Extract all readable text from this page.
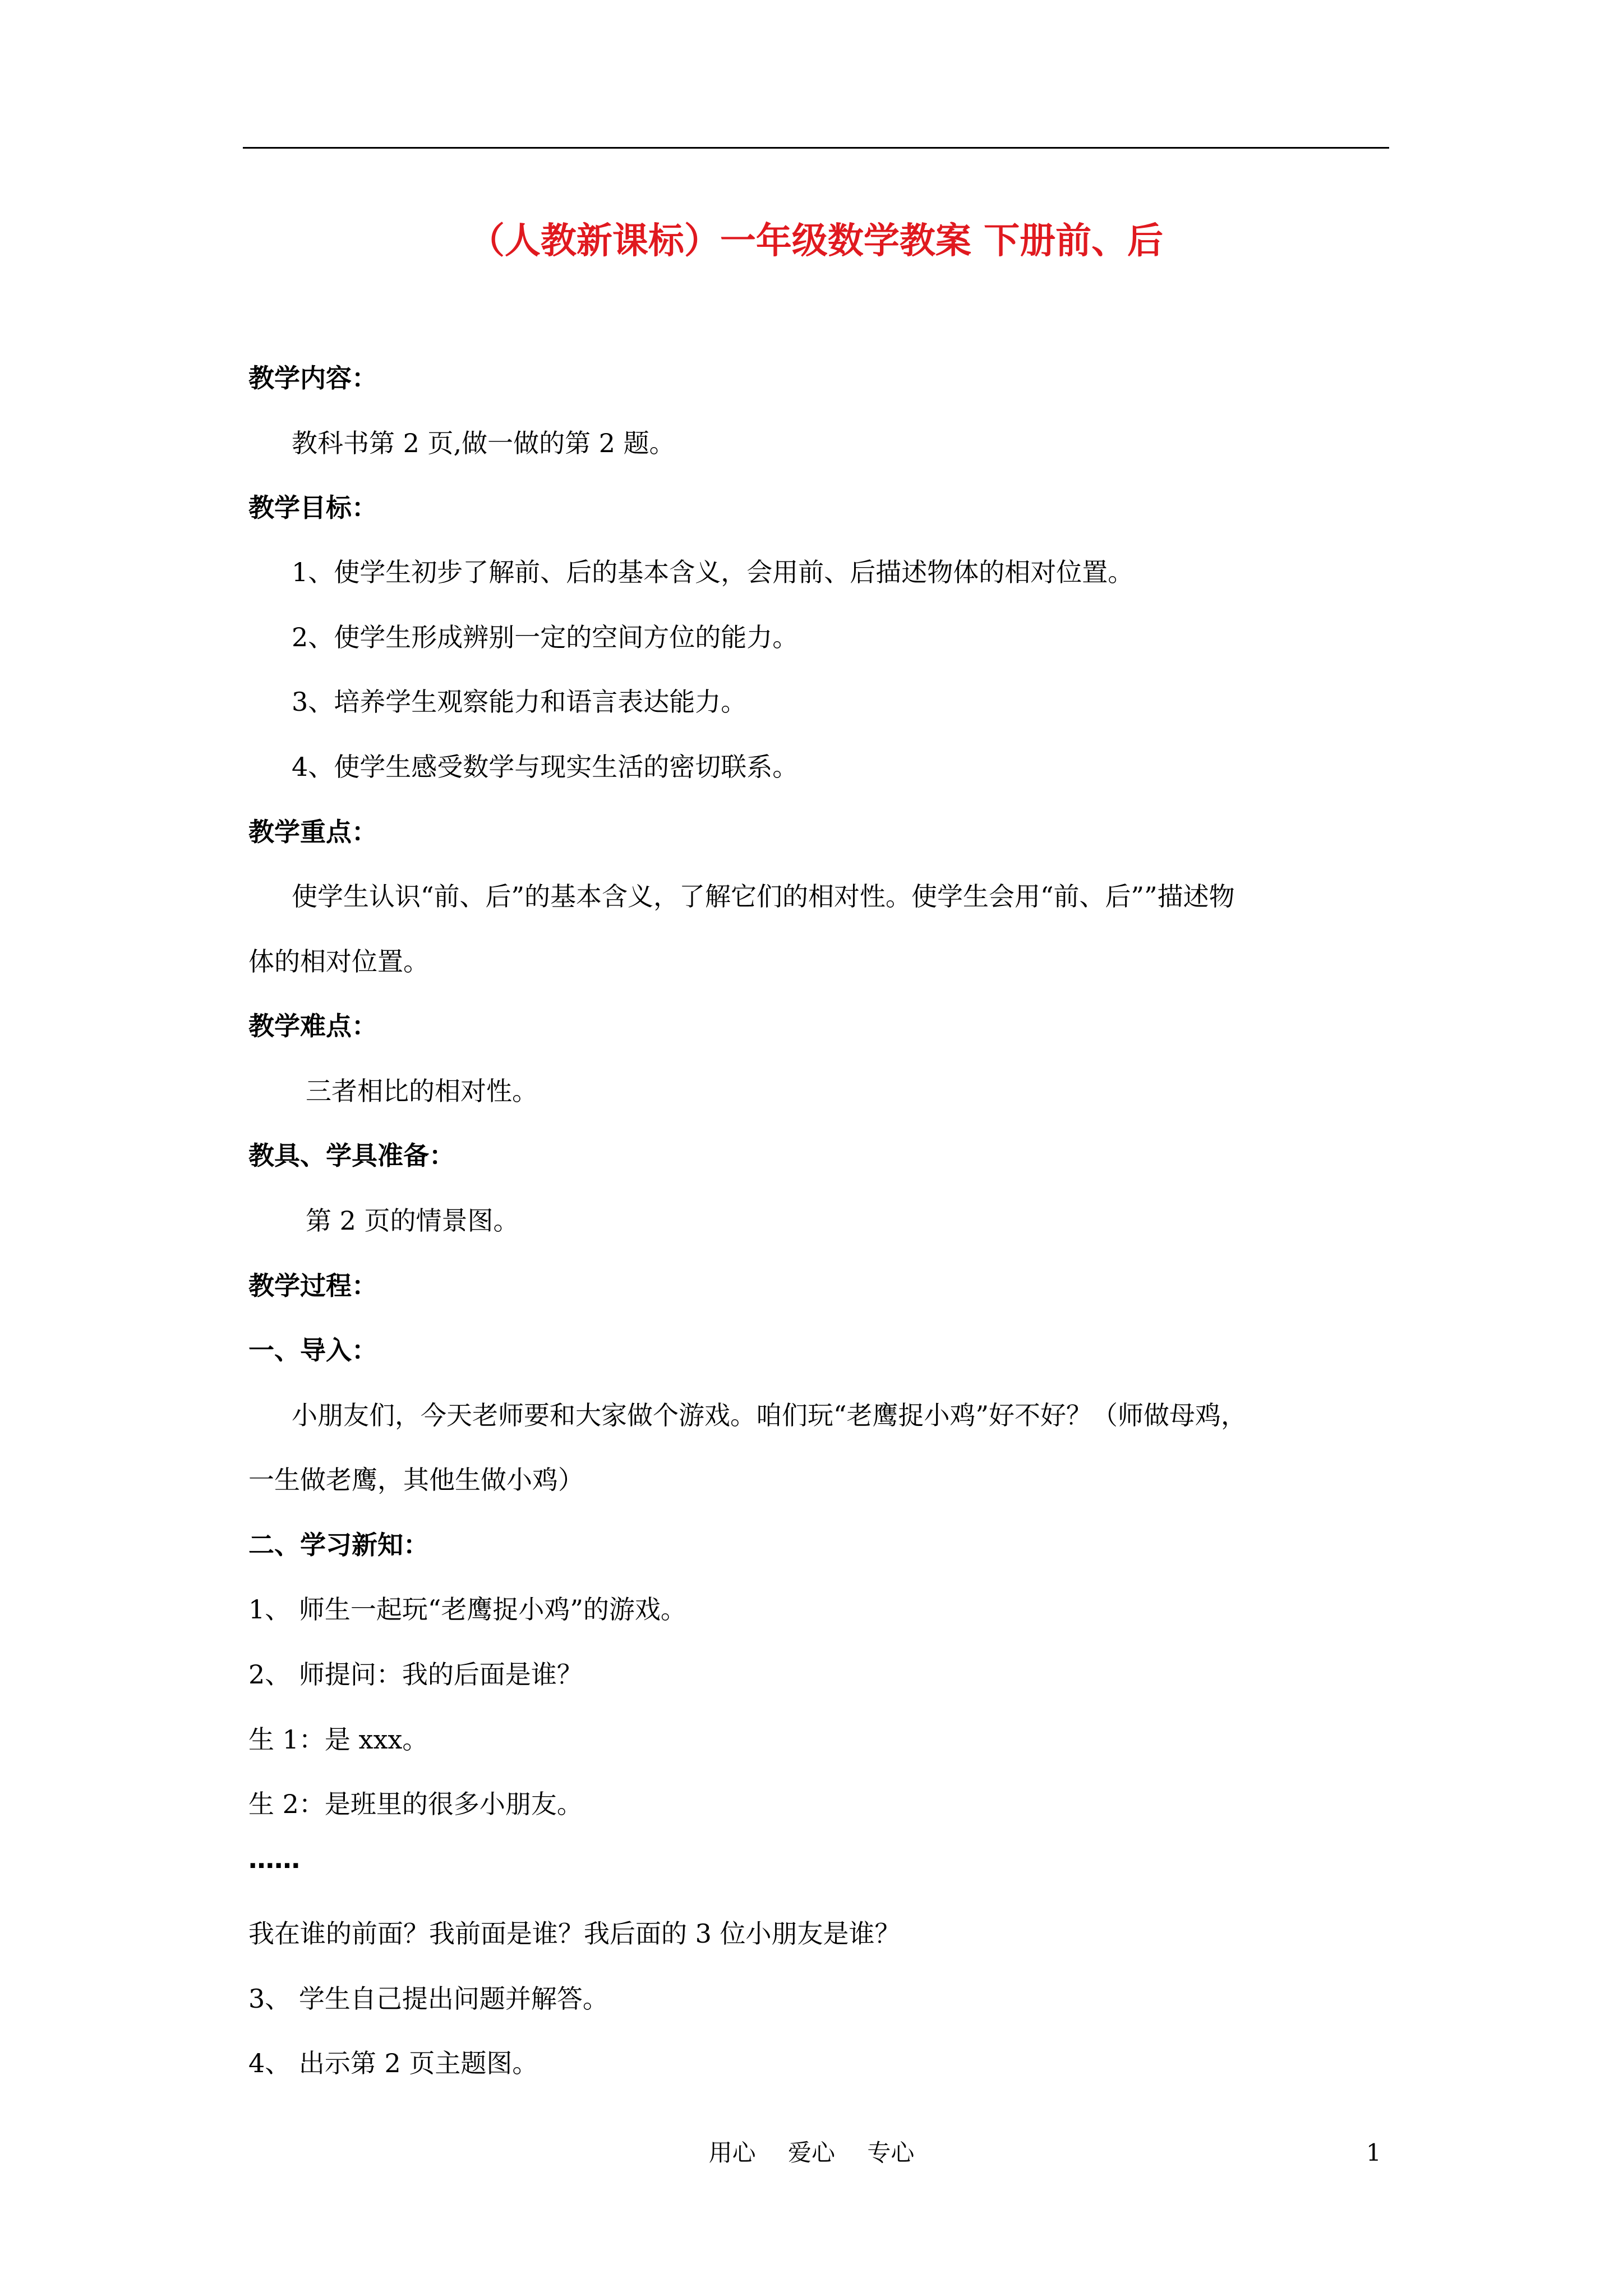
（人教新课标）一年级数学教案 下册前、后
教学内容：
教科书第 2 页,做一做的第 2 题。
教学目标：
1、使学生初步了解前、后的基本含义，会用前、后描述物体的相对位置。
2、使学生形成辨别一定的空间方位的能力。
3、培养学生观察能力和语言表达能力。
4、使学生感受数学与现实生活的密切联系。
教学重点：
使学生认识“前、后”的基本含义，了解它们的相对性。使学生会用“前、后””描述物
体的相对位置。
教学难点：
三者相比的相对性。
教具、学具准备：
第 2 页的情景图。
教学过程：
一、导入：
小朋友们，今天老师要和大家做个游戏。咱们玩“老鹰捉小鸡”好不好？（师做母鸡，
一生做老鹰，其他生做小鸡）
二、学习新知：
1、 师生一起玩“老鹰捉小鸡”的游戏。
2、 师提问：我的后面是谁？
生 1：是 xxx。
生 2：是班里的很多小朋友。
……
我在谁的前面？我前面是谁？我后面的 3 位小朋友是谁？
3、 学生自己提出问题并解答。
4、 出示第 2 页主题图。
用心 爱心 专心	1
